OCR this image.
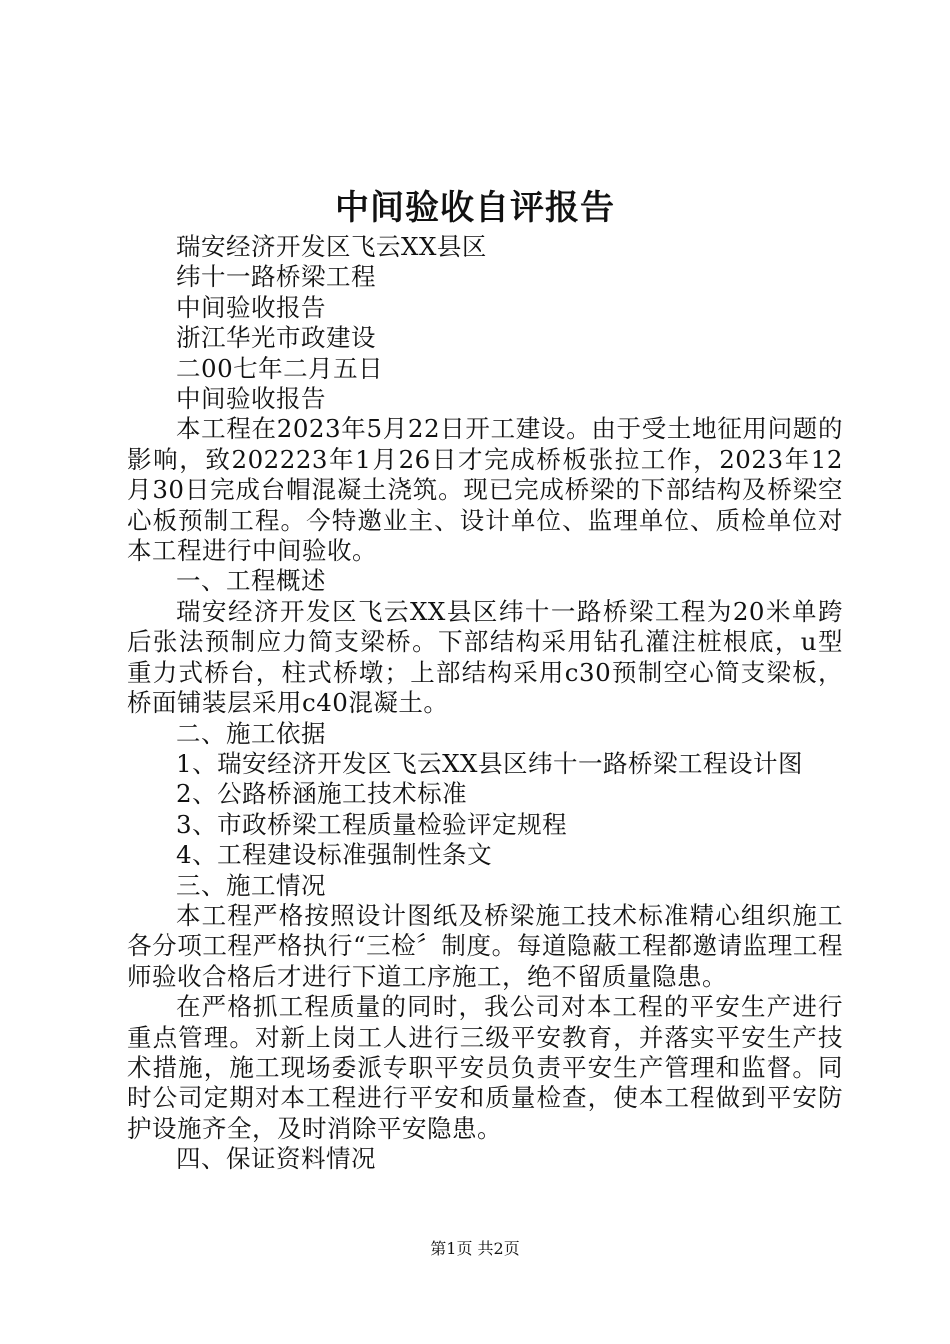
中间验收自评报告

瑞安经济开发区飞云XX县区

纬十一路桥梁工程

中间验收报告

浙江华光市政建设

二00七年二月五日

中间验收报告

本工程在2023年5月22日开工建设。由于受土地征用问题的影响，致202223年1月26日才完成桥板张拉工作，2023年12月30日完成台帽混凝土浇筑。现已完成桥梁的下部结构及桥梁空心板预制工程。今特邀业主、设计单位、监理单位、质检单位对本工程进行中间验收。

一、工程概述

瑞安经济开发区飞云XX县区纬十一路桥梁工程为20米单跨后张法预制应力简支梁桥。下部结构采用钻孔灌注桩根底，u型重力式桥台，柱式桥墩；上部结构采用c30预制空心简支梁板，桥面铺装层采用c40混凝土。

二、施工依据

1、瑞安经济开发区飞云XX县区纬十一路桥梁工程设计图

2、公路桥涵施工技术标准

3、市政桥梁工程质量检验评定规程

4、工程建设标准强制性条文

三、施工情况

本工程严格按照设计图纸及桥梁施工技术标准精心组织施工各分项工程严格执行“三检〞制度。每道隐蔽工程都邀请监理工程师验收合格后才进行下道工序施工，绝不留质量隐患。

在严格抓工程质量的同时，我公司对本工程的平安生产进行重点管理。对新上岗工人进行三级平安教育，并落实平安生产技术措施，施工现场委派专职平安员负责平安生产管理和监督。同时公司定期对本工程进行平安和质量检查，使本工程做到平安防护设施齐全，及时消除平安隐患。

四、保证资料情况

第1页 共2页
